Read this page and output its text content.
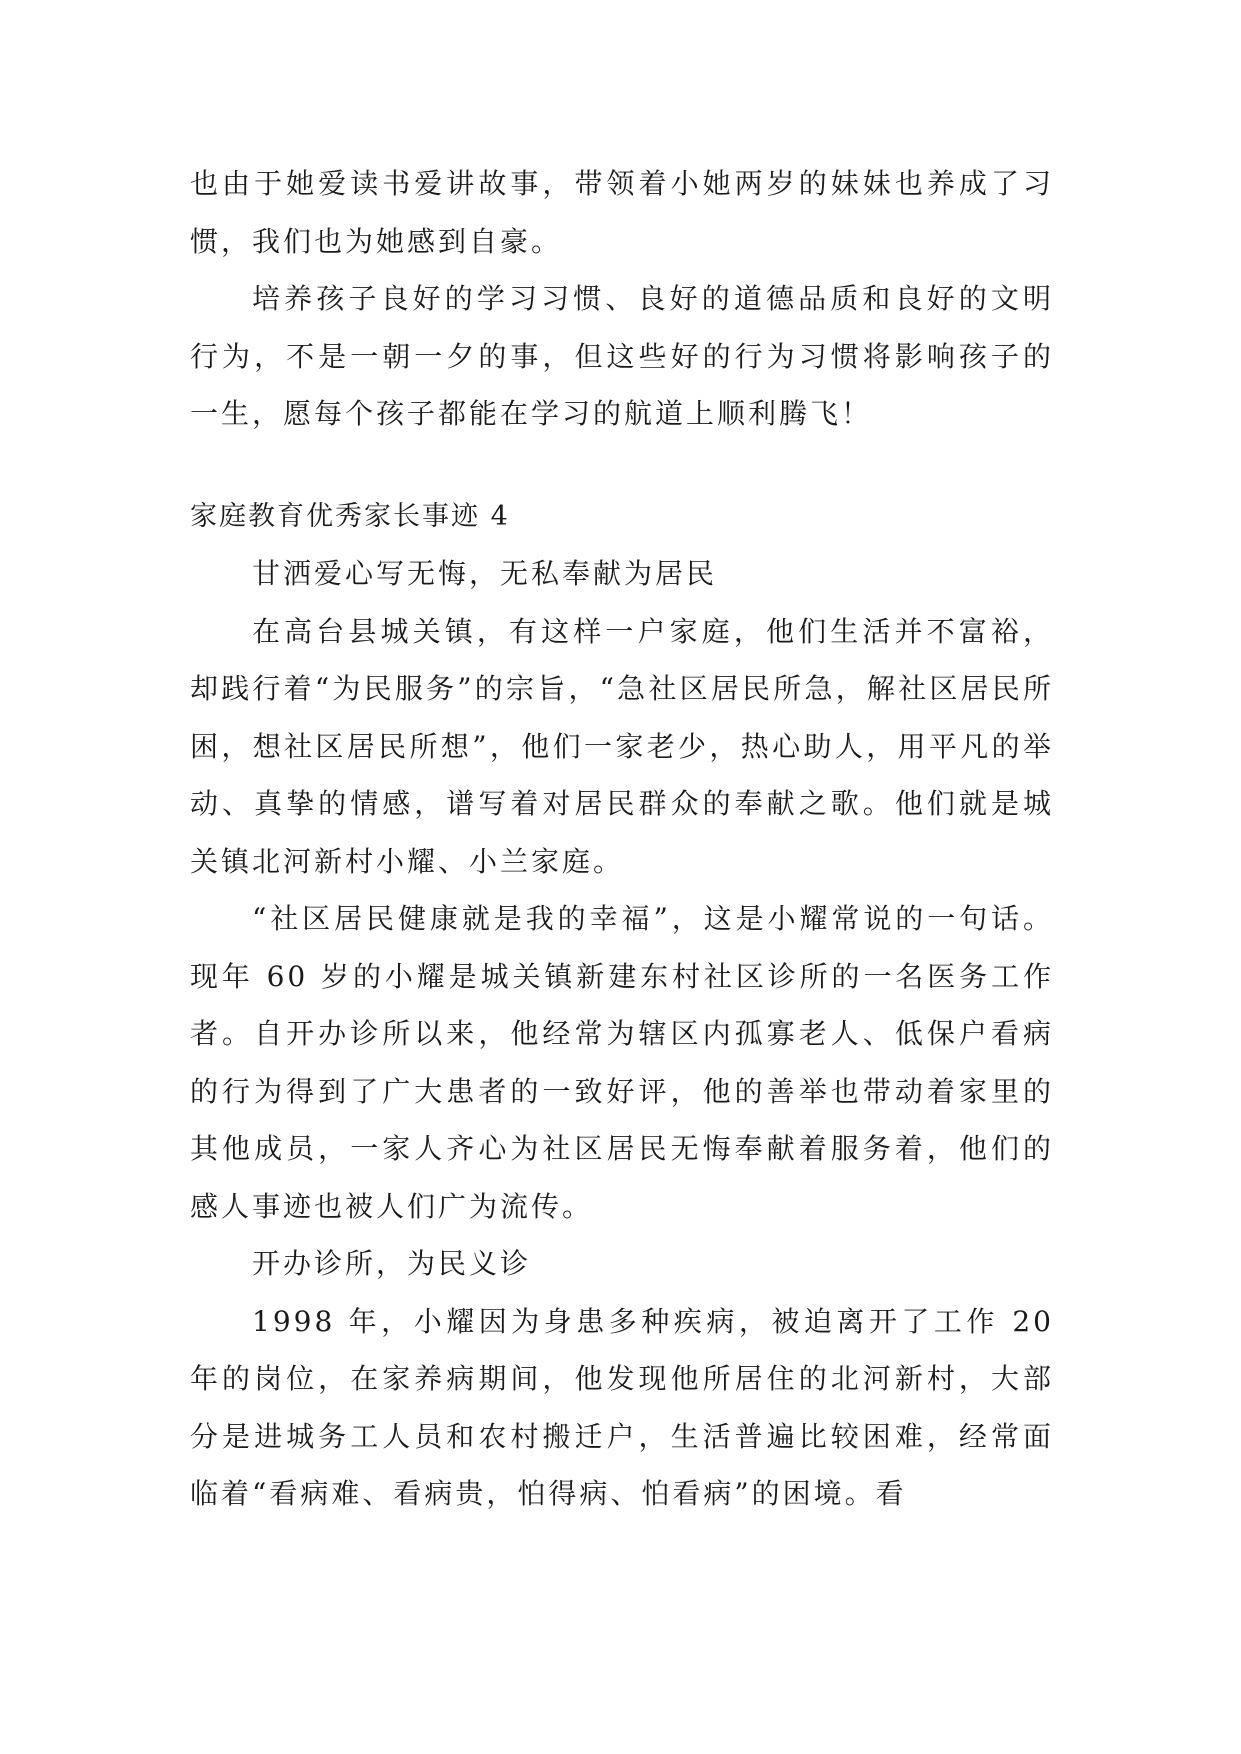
也由于她爱读书爱讲故事，带领着小她两岁的妹妹也养成了习惯，我们也为她感到自豪。

培养孩子良好的学习习惯、良好的道德品质和良好的文明行为，不是一朝一夕的事，但这些好的行为习惯将影响孩子的一生，愿每个孩子都能在学习的航道上顺利腾飞！

家庭教育优秀家长事迹 4

甘洒爱心写无悔，无私奉献为居民

在高台县城关镇，有这样一户家庭，他们生活并不富裕，却践行着“为民服务”的宗旨，“急社区居民所急，解社区居民所困，想社区居民所想”，他们一家老少，热心助人，用平凡的举动、真挚的情感，谱写着对居民群众的奉献之歌。他们就是城关镇北河新村小耀、小兰家庭。

“社区居民健康就是我的幸福”，这是小耀常说的一句话。现年 60 岁的小耀是城关镇新建东村社区诊所的一名医务工作者。自开办诊所以来，他经常为辖区内孤寡老人、低保户看病的行为得到了广大患者的一致好评，他的善举也带动着家里的其他成员，一家人齐心为社区居民无悔奉献着服务着，他们的感人事迹也被人们广为流传。

开办诊所，为民义诊

1998 年，小耀因为身患多种疾病，被迫离开了工作 20 年的岗位，在家养病期间，他发现他所居住的北河新村，大部分是进城务工人员和农村搬迁户，生活普遍比较困难，经常面临着“看病难、看病贵，怕得病、怕看病”的困境。看
